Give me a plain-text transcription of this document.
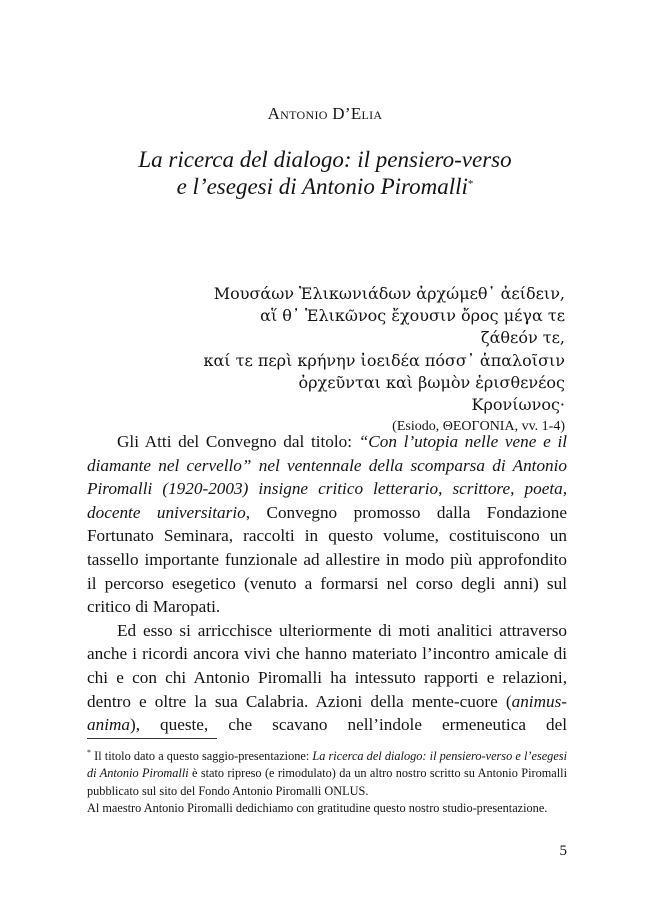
Antonio D’Elia
La ricerca del dialogo: il pensiero-verso
e l’esegesi di Antonio Piromalli*
Μουσάων Ἑλικωνιάδων ἀρχώμεθ᾽ ἀείδειν,
αἵ θ᾽ Ἑλικῶνος ἔχουσιν ὄρος μέγα τε ζάθεόν τε,
καί τε περὶ κρήνην ἰοειδέα πόσσ᾽ ἁπαλοῖσιν
ὀρχεῦνται καὶ βωμὸν ἐρισθενέος Κρονίωνος·
(Esiodo, ΘΕΟΓΟΝΙΑ, vv. 1-4)

Gli Atti del Convegno dal titolo: “Con l’utopia nelle vene e il diamante nel cervello” nel ventennale della scomparsa di Antonio Piromalli (1920-2003) insigne critico letterario, scrittore, poeta, docente universitario, Convegno promosso dalla Fondazione Fortunato Seminara, raccolti in questo volume, costituiscono un tassello importante funzionale ad allestire in modo più approfondito il percorso esegetico (venuto a formarsi nel corso degli anni) sul critico di Maropati.

Ed esso si arricchisce ulteriormente di moti analitici attraverso anche i ricordi ancora vivi che hanno materiato l’incontro amicale di chi e con chi Antonio Piromalli ha intessuto rapporti e relazioni, dentro e oltre la sua Calabria. Azioni della mente-cuore (animus-anima), queste, che scavano nell’indole ermeneutica del

* Il titolo dato a questo saggio-presentazione: La ricerca del dialogo: il pensiero-verso e l’esegesi di Antonio Piromalli è stato ripreso (e rimodulato) da un altro nostro scritto su Antonio Piromalli pubblicato sul sito del Fondo Antonio Piromalli ONLUS.

Al maestro Antonio Piromalli dedichiamo con gratitudine questo nostro studio-presentazione.

5
